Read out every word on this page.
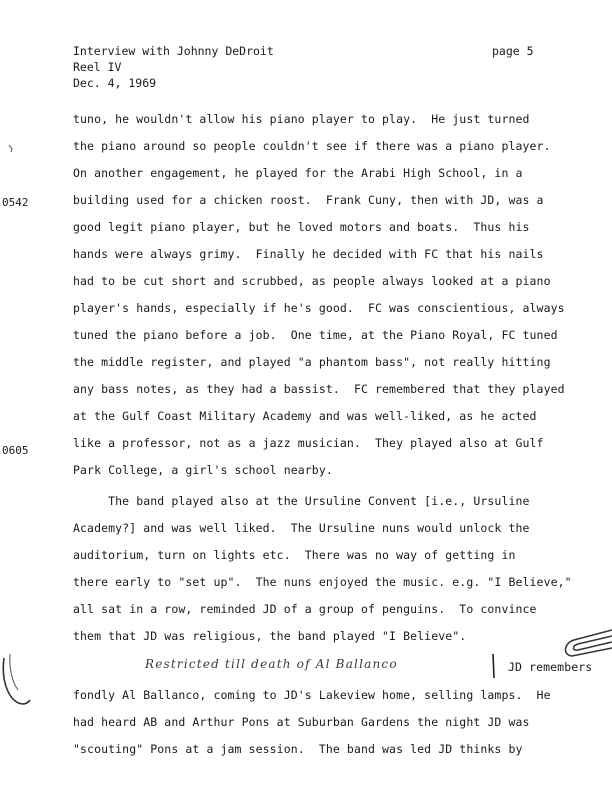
Interview with Johnny DeDroit
Reel IV
Dec. 4, 1969
page 5
0542
0605
tuno, he wouldn't allow his piano player to play.  He just turned
the piano around so people couldn't see if there was a piano player.
On another engagement, he played for the Arabi High School, in a
building used for a chicken roost.  Frank Cuny, then with JD, was a
good legit piano player, but he loved motors and boats.  Thus his
hands were always grimy.  Finally he decided with FC that his nails
had to be cut short and scrubbed, as people always looked at a piano
player's hands, especially if he's good.  FC was conscientious, always
tuned the piano before a job.  One time, at the Piano Royal, FC tuned
the middle register, and played "a phantom bass", not really hitting
any bass notes, as they had a bassist.  FC remembered that they played
at the Gulf Coast Military Academy and was well-liked, as he acted
like a professor, not as a jazz musician.  They played also at Gulf
Park College, a girl's school nearby.
The band played also at the Ursuline Convent [i.e., Ursuline
Academy?] and was well liked.  The Ursuline nuns would unlock the
auditorium, turn on lights etc.  There was no way of getting in
there early to "set up".  The nuns enjoyed the music. e.g. "I Believe,"
all sat in a row, reminded JD of a group of penguins.  To convince
them that JD was religious, the band played "I Believe".
Restricted till death of Al Ballanco	JD remembers
fondly Al Ballanco, coming to JD's Lakeview home, selling lamps.  He
had heard AB and Arthur Pons at Suburban Gardens the night JD was
"scouting" Pons at a jam session.  The band was led JD thinks by
